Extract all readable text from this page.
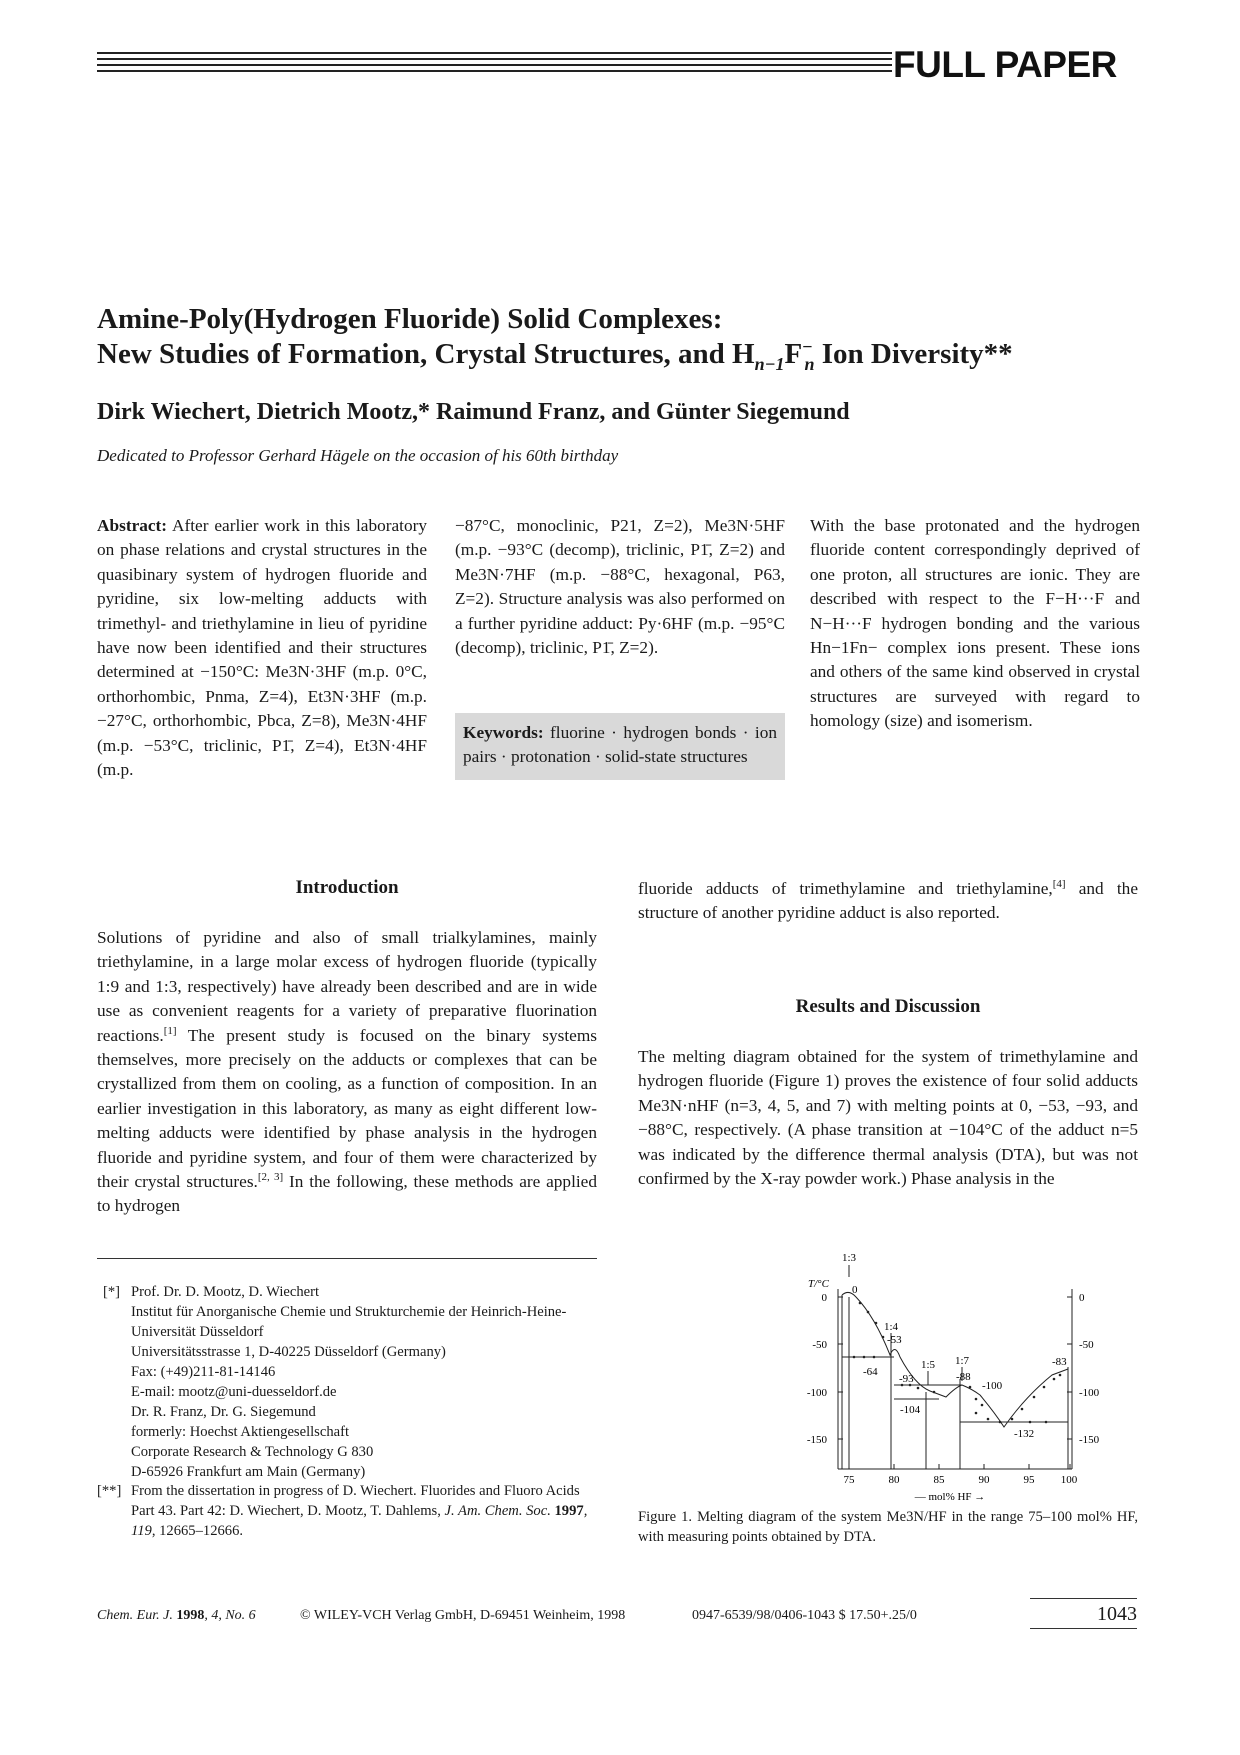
FULL PAPER
Amine-Poly(Hydrogen Fluoride) Solid Complexes:
New Studies of Formation, Crystal Structures, and $H_{n-1}F^-_n$ Ion Diversity**
Dirk Wiechert, Dietrich Mootz,* Raimund Franz, and Günter Siegemund
Dedicated to Professor Gerhard Hägele on the occasion of his 60th birthday
Abstract: After earlier work in this laboratory on phase relations and crystal structures in the quasibinary system of hydrogen fluoride and pyridine, six low-melting adducts with trimethyl- and triethylamine in lieu of pyridine have now been identified and their structures determined at −150°C: Me3N·3HF (m.p. 0°C, orthorhombic, Pnma, Z=4), Et3N·3HF (m.p. −27°C, orthorhombic, Pbca, Z=8), Me3N·4HF (m.p. −53°C, triclinic, P1̄, Z=4), Et3N·4HF (m.p.
−87°C, monoclinic, P21, Z=2), Me3N·5HF (m.p. −93°C (decomp), triclinic, P1̄, Z=2) and Me3N·7HF (m.p. −88°C, hexagonal, P63, Z=2). Structure analysis was also performed on a further pyridine adduct: Py·6HF (m.p. −95°C (decomp), triclinic, P1̄, Z=2).
Keywords: fluorine · hydrogen bonds · ion pairs · protonation · solid-state structures
With the base protonated and the hydrogen fluoride content correspondingly deprived of one proton, all structures are ionic. They are described with respect to the F−H···F and N−H···F hydrogen bonding and the various Hn−1Fn− complex ions present. These ions and others of the same kind observed in crystal structures are surveyed with regard to homology (size) and isomerism.
Introduction
Solutions of pyridine and also of small trialkylamines, mainly triethylamine, in a large molar excess of hydrogen fluoride (typically 1:9 and 1:3, respectively) have already been described and are in wide use as convenient reagents for a variety of preparative fluorination reactions.[1] The present study is focused on the binary systems themselves, more precisely on the adducts or complexes that can be crystallized from them on cooling, as a function of composition. In an earlier investigation in this laboratory, as many as eight different low-melting adducts were identified by phase analysis in the hydrogen fluoride and pyridine system, and four of them were characterized by their crystal structures.[2, 3] In the following, these methods are applied to hydrogen
fluoride adducts of trimethylamine and triethylamine,[4] and the structure of another pyridine adduct is also reported.
Results and Discussion
The melting diagram obtained for the system of trimethylamine and hydrogen fluoride (Figure 1) proves the existence of four solid adducts Me3N·nHF (n=3, 4, 5, and 7) with melting points at 0, −53, −93, and −88°C, respectively. (A phase transition at −104°C of the adduct n=5 was indicated by the difference thermal analysis (DTA), but was not confirmed by the X-ray powder work.) Phase analysis in the
[*] Prof. Dr. D. Mootz, D. Wiechert
Institut für Anorganische Chemie und Strukturchemie der Heinrich-Heine-Universität Düsseldorf
Universitätsstrasse 1, D-40225 Düsseldorf (Germany)
Fax: (+49)211-81-14146
E-mail: mootz@uni-duesseldorf.de
Dr. R. Franz, Dr. G. Siegemund
formerly: Hoechst Aktiengesellschaft
Corporate Research & Technology G 830
D-65926 Frankfurt am Main (Germany)
[**] From the dissertation in progress of D. Wiechert. Fluorides and Fluoro Acids Part 43. Part 42: D. Wiechert, D. Mootz, T. Dahlems, J. Am. Chem. Soc. 1997, 119, 12665–12666.
1:3
1:4
1:5 1:7
T/°C
0
-50
-100
-150
0
-50
-100
-150
75	80	85	90	95 100
— mol% HF →
0
-53
-64
-93
-104
-88
-100
-132
-83
Figure 1. Melting diagram of the system Me3N/HF in the range 75–100 mol% HF, with measuring points obtained by DTA.
Chem. Eur. J. 1998, 4, No. 6	© WILEY-VCH Verlag GmbH, D-69451 Weinheim, 1998	0947-6539/98/0406-1043 $ 17.50+.25/0	1043
